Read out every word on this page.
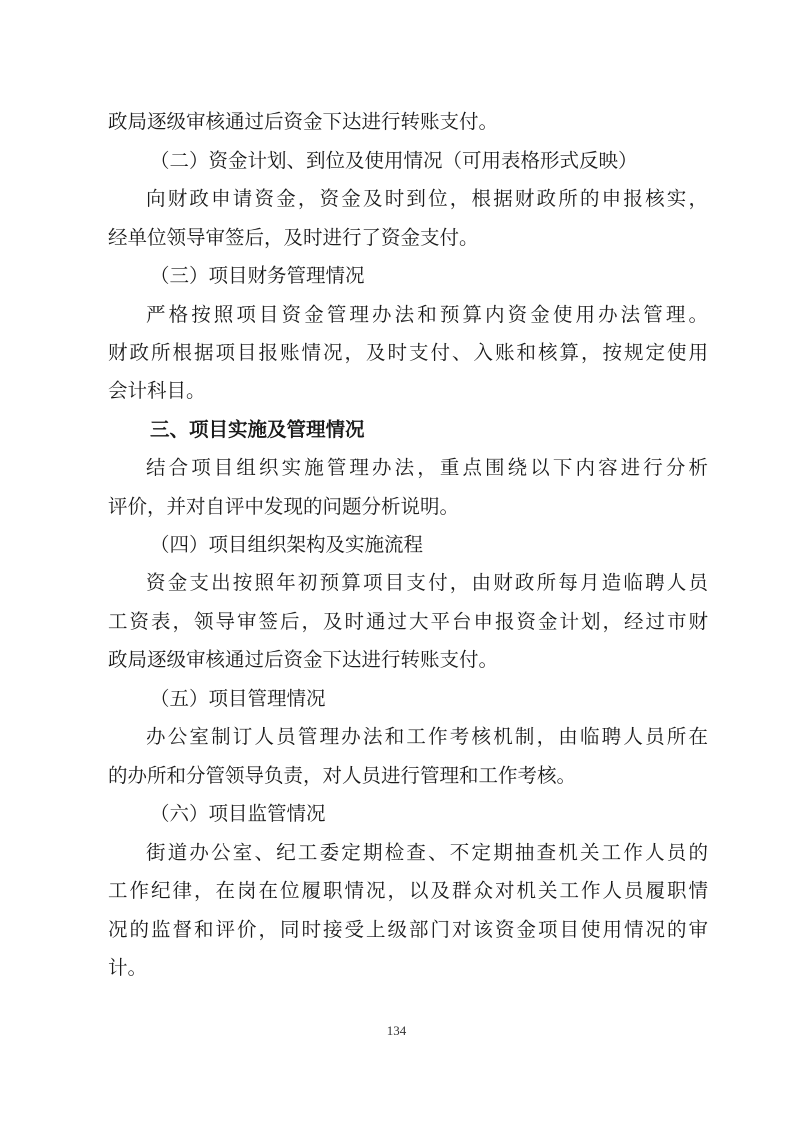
政局逐级审核通过后资金下达进行转账支付。
（二）资金计划、到位及使用情况（可用表格形式反映）
向财政申请资金，资金及时到位，根据财政所的申报核实，
经单位领导审签后，及时进行了资金支付。
（三）项目财务管理情况
严格按照项目资金管理办法和预算内资金使用办法管理。
财政所根据项目报账情况，及时支付、入账和核算，按规定使用
会计科目。
三、项目实施及管理情况
结合项目组织实施管理办法，重点围绕以下内容进行分析
评价，并对自评中发现的问题分析说明。
（四）项目组织架构及实施流程
资金支出按照年初预算项目支付，由财政所每月造临聘人员
工资表，领导审签后，及时通过大平台申报资金计划，经过市财
政局逐级审核通过后资金下达进行转账支付。
（五）项目管理情况
办公室制订人员管理办法和工作考核机制，由临聘人员所在
的办所和分管领导负责，对人员进行管理和工作考核。
（六）项目监管情况
街道办公室、纪工委定期检查、不定期抽查机关工作人员的
工作纪律，在岗在位履职情况，以及群众对机关工作人员履职情
况的监督和评价，同时接受上级部门对该资金项目使用情况的审
计。
134
